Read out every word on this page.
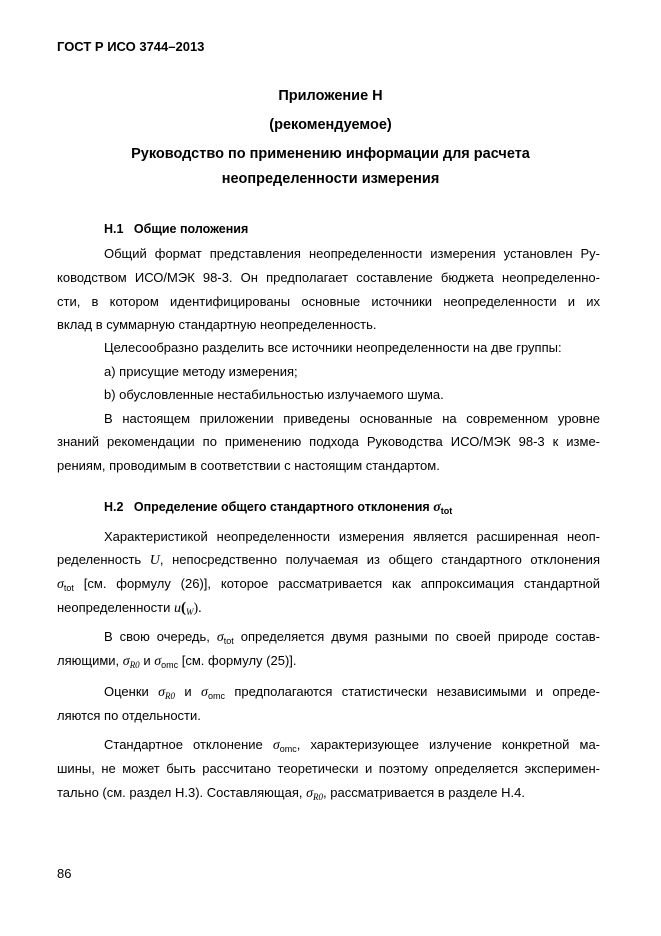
ГОСТ Р ИСО 3744–2013
Приложение Н
(рекомендуемое)
Руководство по применению информации для расчета
неопределенности измерения
Н.1   Общие положения
Общий формат представления неопределенности измерения установлен Ру-
ководством ИСО/МЭК 98-3. Он предполагает составление бюджета неопределенно-
сти, в котором идентифицированы основные источники неопределенности и их
вклад в суммарную стандартную неопределенность.
Целесообразно разделить все источники неопределенности на две группы:
a) присущие методу измерения;
b) обусловленные нестабильностью излучаемого шума.
В настоящем приложении приведены основанные на современном уровне
знаний рекомендации по применению подхода Руководства ИСО/МЭК 98-3 к изме-
рениям, проводимым в соответствии с настоящим стандартом.
Н.2   Определение общего стандартного отклонения $\sigma_{tot}$
Характеристикой неопределенности измерения является расширенная неоп-
ределенность U, непосредственно получаемая из общего стандартного отклонения
$\sigma_{tot}$ [см. формулу (26)], которое рассматривается как аппроксимация стандартной
неопределенности $u(_W)$.
В свою очередь, $\sigma_{tot}$ определяется двумя разными по своей природе состав-
ляющими, $\sigma_{R0}$ и $\sigma_{omc}$ [см. формулу (25)].
Оценки $\sigma_{R0}$ и $\sigma_{omc}$ предполагаются статистически независимыми и опреде-
ляются по отдельности.
Стандартное отклонение $\sigma_{omc}$, характеризующее излучение конкретной ма-
шины, не может быть рассчитано теоретически и поэтому определяется эксперимен-
тально (см. раздел Н.3). Составляющая, $\sigma_{R0}$, рассматривается в разделе Н.4.
86
